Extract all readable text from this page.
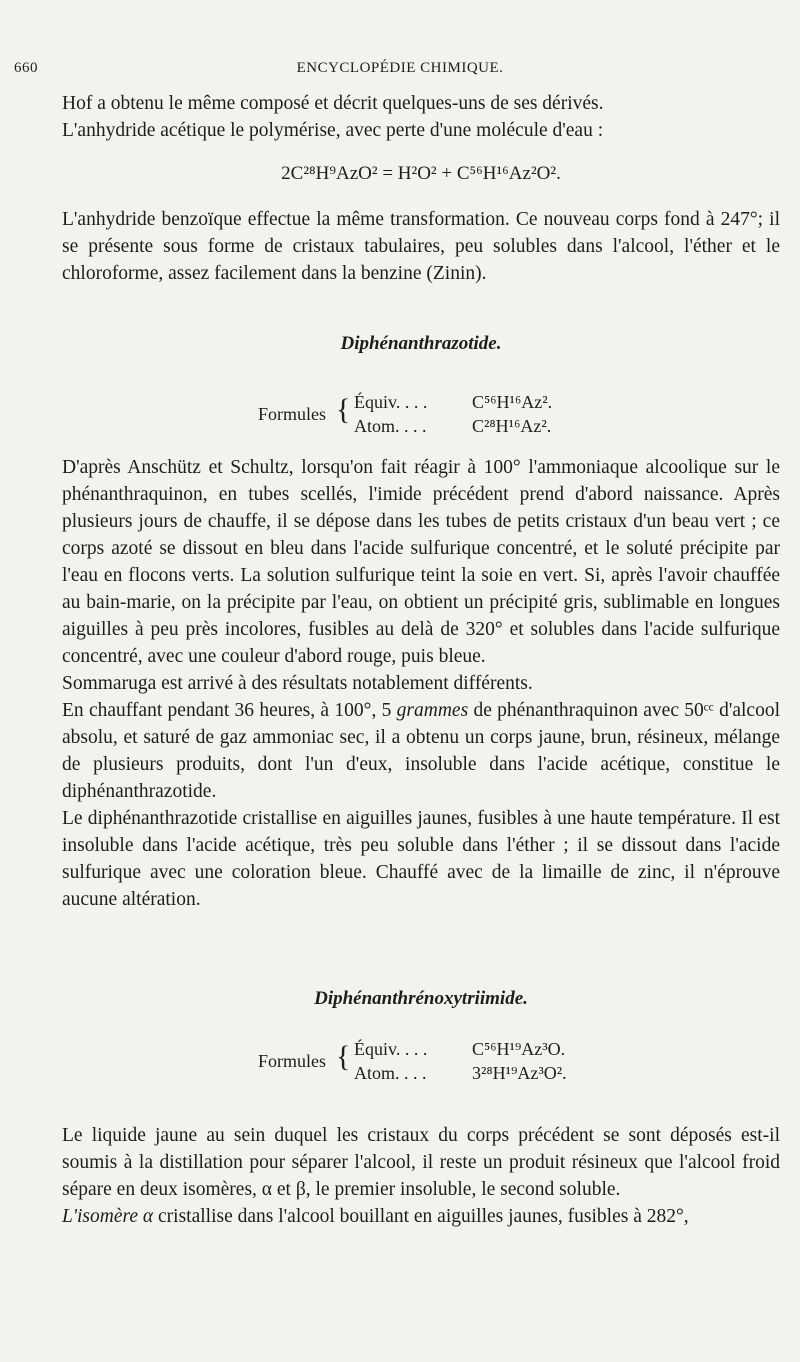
660	ENCYCLOPÉDIE CHIMIQUE.

Hof a obtenu le même composé et décrit quelques-uns de ses dérivés.

L'anhydride acétique le polymérise, avec perte d'une molécule d'eau :

2C²⁸H⁹AzO² = H²O² + C⁵⁶H¹⁶Az²O².

L'anhydride benzoïque effectue la même transformation. Ce nouveau corps fond à 247°; il se présente sous forme de cristaux tabulaires, peu solubles dans l'alcool, l'éther et le chloroforme, assez facilement dans la benzine (Zinin).

Diphénanthrazotide.

Formules { Équiv. . . .	C⁵⁶H¹⁶Az².
Atom. . . .	C²⁸H¹⁶Az².

D'après Anschütz et Schultz, lorsqu'on fait réagir à 100° l'ammoniaque alcoolique sur le phénanthraquinon, en tubes scellés, l'imide précédent prend d'abord naissance. Après plusieurs jours de chauffe, il se dépose dans les tubes de petits cristaux d'un beau vert ; ce corps azoté se dissout en bleu dans l'acide sulfurique concentré, et le soluté précipite par l'eau en flocons verts. La solution sulfurique teint la soie en vert. Si, après l'avoir chauffée au bain-marie, on la précipite par l'eau, on obtient un précipité gris, sublimable en longues aiguilles à peu près incolores, fusibles au delà de 320° et solubles dans l'acide sulfurique concentré, avec une couleur d'abord rouge, puis bleue.

Sommaruga est arrivé à des résultats notablement différents.

En chauffant pendant 36 heures, à 100°, 5 grammes de phénanthraquinon avec 50ᶜᶜ d'alcool absolu, et saturé de gaz ammoniac sec, il a obtenu un corps jaune, brun, résineux, mélange de plusieurs produits, dont l'un d'eux, insoluble dans l'acide acétique, constitue le diphénanthrazotide.

Le diphénanthrazotide cristallise en aiguilles jaunes, fusibles à une haute température. Il est insoluble dans l'acide acétique, très peu soluble dans l'éther ; il se dissout dans l'acide sulfurique avec une coloration bleue. Chauffé avec de la limaille de zinc, il n'éprouve aucune altération.

Diphénanthrénoxytriimide.

Formules { Équiv. . . .	C⁵⁶H¹⁹Az³O.
Atom. . . .	3²⁸H¹⁹Az³O².

Le liquide jaune au sein duquel les cristaux du corps précédent se sont déposés est-il soumis à la distillation pour séparer l'alcool, il reste un produit résineux que l'alcool froid sépare en deux isomères, α et β, le premier insoluble, le second soluble.

L'isomère α cristallise dans l'alcool bouillant en aiguilles jaunes, fusibles à 282°,
